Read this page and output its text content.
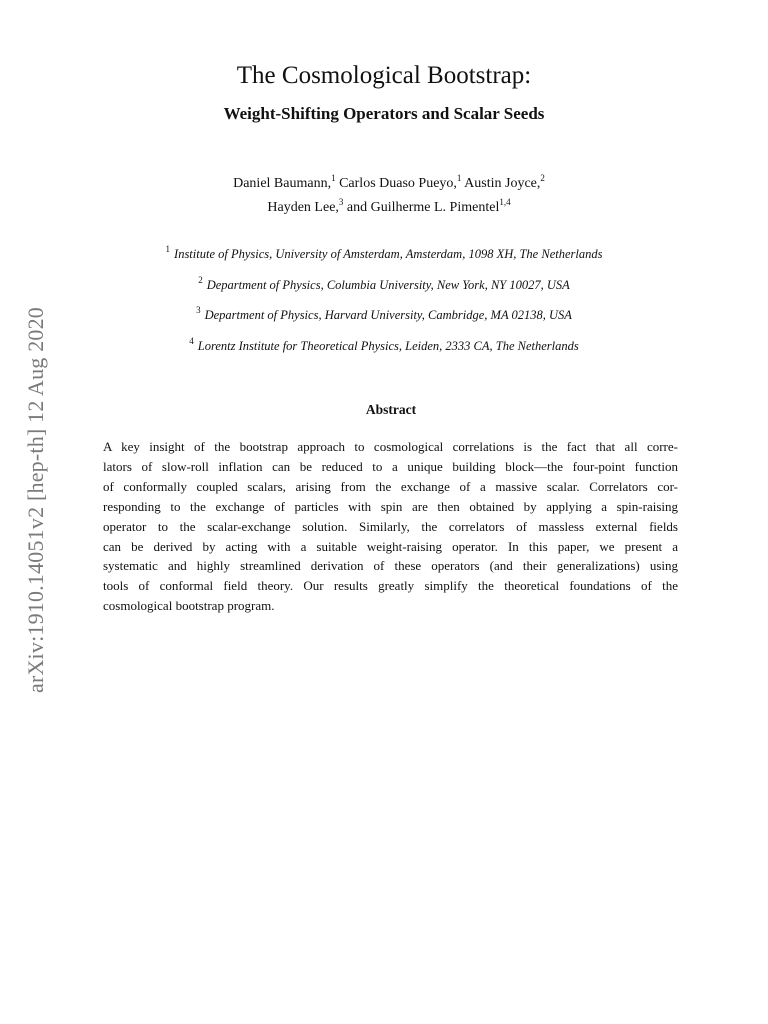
arXiv:1910.14051v2 [hep-th] 12 Aug 2020
The Cosmological Bootstrap:
Weight-Shifting Operators and Scalar Seeds
Daniel Baumann,$^1$ Carlos Duaso Pueyo,$^1$ Austin Joyce,$^2$
Hayden Lee,$^3$ and Guilherme L. Pimentel$^{1,4}$
$^1$ Institute of Physics, University of Amsterdam, Amsterdam, 1098 XH, The Netherlands
$^2$ Department of Physics, Columbia University, New York, NY 10027, USA
$^3$ Department of Physics, Harvard University, Cambridge, MA 02138, USA
$^4$ Lorentz Institute for Theoretical Physics, Leiden, 2333 CA, The Netherlands
Abstract
A key insight of the bootstrap approach to cosmological correlations is the fact that all corre-
lators of slow-roll inflation can be reduced to a unique building block—the four-point function
of conformally coupled scalars, arising from the exchange of a massive scalar. Correlators cor-
responding to the exchange of particles with spin are then obtained by applying a spin-raising
operator to the scalar-exchange solution. Similarly, the correlators of massless external fields
can be derived by acting with a suitable weight-raising operator. In this paper, we present a
systematic and highly streamlined derivation of these operators (and their generalizations) using
tools of conformal field theory. Our results greatly simplify the theoretical foundations of the
cosmological bootstrap program.
